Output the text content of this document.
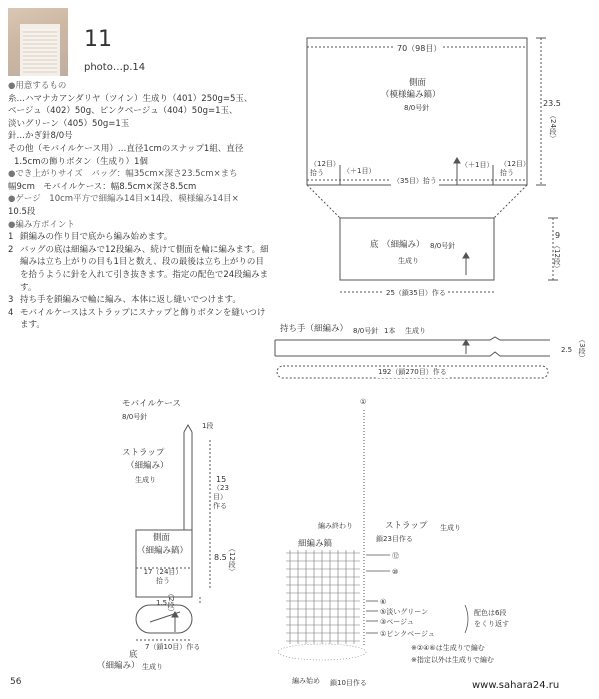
11
photo…p.14
●用意するもの
糸…ハマナカアンダリヤ（ツイン）生成り（401）250g=5玉、
ベージュ（402）50g、ピンクベージュ（404）50g=1玉、
淡いグリーン（405）50g=1玉
針…かぎ針8/0号
その他（モバイルケース用）…直径1cmのスナップ1組、直径
1.5cmの飾りボタン（生成り）1個
●でき上がりサイズ　 バッグ：幅35cm×深さ23.5cm×まち
幅9cm　モバイルケース：幅8.5cm×深さ8.5cm
●ゲージ　 10cm平方で細編み14目×14段、模様編み14目×
10.5段
●編み方ポイント
1 鎖編みの作り目で底から編み始めます。
2 バッグの底は細編みで12段編み、続けて側面を輪に編みます。細編みは立ち上がりの目も1目と数え、段の最後は立ち上がりの目を拾うように針を入れて引き抜きます。指定の配色で24段編みます。
3 持ち手を鎖編みで輪に編み、本体に返し縫いでつけます。
4 モバイルケースはストラップにスナップと飾りボタンを縫いつけます。
70（98目）
側面
（模様編み鎬）
8/0号針	23.5
（24段）
（12目）拾う	（＋1目）
（35目）拾う
（＋1目） （12目）拾う
底 （細編み） 8/0号針
生成り
9
（12段）
25（鎖35目）作る
持ち手（細編み） 8/0号針 1本 生成り
2.5 （3段）
192（鎖270目）作る
モバイルケース
8/0号針
1段
ストラップ
（細編み）
生成り	15
（23目）作る
側面
（細編み鎬）
8.5 （12段）
17（24目）拾う
1.5 （2段）
7（鎖10目）作る
底
（細編み） 生成り
①
編み終わり	ストラップ 生成り
鎖23目作る
細編み鎬
⑫
⑩
⑥
⑤淡いグリーン
③ベージュ
①ピンクベージュ
配色は6段
をくり返す
※②④⑥は生成りで編む
※指定以外は生成りで編む
編み始め 鎖10目作る
56	www.sahara24.ru
